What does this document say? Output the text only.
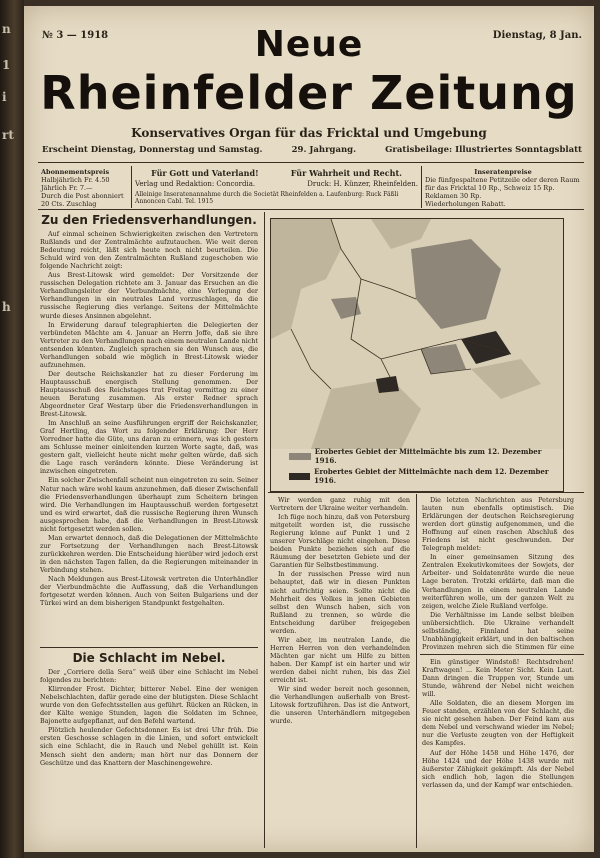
n
1
i
rt
h
№ 3 — 1918	Dienstag, 8 Jan.
Neue
Rheinfelder Zeitung
Konservatives Organ für das Fricktal und Umgebung
Erscheint Dienstag, Donnerstag und Samstag.	29. Jahrgang.	Gratisbeilage: Illustriertes Sonntagsblatt
Abonnementspreis
Halbjährlich Fr. 4.50
Jährlich Fr. 7.—
Durch die Post abonniert
20 Cts. Zuschlag
Für Gott und Vaterland!	Für Wahrheit und Recht.
Verlag und Redaktion: Concordia.	Druck: H. Künzer, Rheinfelden.
Alleinige Inseratenannahme durch die Societät Rheinfelden a. Laufenburg: Ruck Fäßli Annoncen Cabl. Tel. 1915
Inseratenpreise
Die fünfgespaltene Petitzeile oder deren Raum
für das Fricktal 10 Rp., Schweiz 15 Rp.
Reklamen 30 Rp.
Wiederholungen Rabatt.
Zu den Friedensverhandlungen.

Auf einmal scheinen Schwierigkeiten zwischen den Vertretern Rußlands und der Zentralmächte aufzutauchen. Wie weit deren Bedeutung reicht, läßt sich heute noch nicht beurteilen. Die Schuld wird von den Zentralmächten Rußland zugeschoben wie folgende Nachricht zeigt:

Aus Brest-Litowsk wird gemeldet: Der Vorsitzende der russischen Delegation richtete am 3. Januar das Ersuchen an die Verhandlungsleiter der Vierbundmächte, eine Verlegung der Verhandlungen in ein neutrales Land vorzuschlagen, da die russische Regierung dies verlange. Seitens der Mittelmächte wurde dieses Ansinnen abgelehnt.

In Erwiderung darauf telegraphierten die Delegierten der verbündeten Mächte am 4. Januar an Herrn Joffe, daß sie ihre Vertreter zu den Verhandlungen nach einem neutralen Lande nicht entsenden könnten. Zugleich sprachen sie den Wunsch aus, die Verhandlungen sobald wie möglich in Brest-Litowsk wieder aufzunehmen.

Der deutsche Reichskanzler hat zu dieser Forderung im Hauptausschuß energisch Stellung genommen. Der Hauptausschuß des Reichstages trat Freitag vormittag zu einer neuen Beratung zusammen. Als erster Redner sprach Abgeordneter Graf Westarp über die Friedensverhandlungen in Brest-Litowsk.

Im Anschluß an seine Ausführungen ergriff der Reichskanzler, Graf Hertling, das Wort zu folgender Erklärung: Der Herr Vorredner hatte die Güte, uns daran zu erinnern, was ich gestern am Schlusse meiner einleitenden kurzen Worte sagte, daß, was gestern galt, vielleicht heute nicht mehr gelten würde, daß sich die Lage rasch verändern könnte. Diese Veränderung ist inzwischen eingetreten.

Ein solcher Zwischenfall scheint nun eingetreten zu sein. Seiner Natur nach wäre wohl kaum anzunehmen, daß dieser Zwischenfall die Friedensverhandlungen überhaupt zum Scheitern bringen wird. Die Verhandlungen im Hauptausschuß werden fortgesetzt und es wird erwartet, daß die russische Regierung ihren Wunsch ausgesprochen habe, daß die Verhandlungen in Brest-Litowsk nicht fortgesetzt werden sollen.

Man erwartet dennoch, daß die Delegationen der Mittelmächte zur Fortsetzung der Verhandlungen nach Brest-Litowsk zurückkehren werden. Die Entscheidung hierüber wird jedoch erst in den nächsten Tagen fallen, da die Regierungen miteinander in Verbindung stehen.

Nach Meldungen aus Brest-Litowsk vertreten die Unterhändler der Vierbundmächte die Auffassung, daß die Verhandlungen fortgesetzt werden können. Auch von Seiten Bulgariens und der Türkei wird an dem bisherigen Standpunkt festgehalten.

Die Schlacht im Nebel.

Der „Corriere della Sera“ weiß über eine Schlacht im Nebel folgendes zu berichten:

Klirrender Frost. Dichter, bitterer Nebel. Eine der wenigen Nebelschlachten, dafür gerade eine der blutigsten. Diese Schlacht wurde von den Gefechtsstellen aus geführt. Rücken an Rücken, in der Kälte wenige Stunden, lagen die Soldaten im Schnee, Bajonette aufgepflanzt, auf den Befehl wartend.

Plötzlich heulender Gefechtsdonner. Es ist drei Uhr früh. Die ersten Geschosse schlagen in die Linien, und sofort entwickelt sich eine Schlacht, die in Rauch und Nebel gehüllt ist. Kein Mensch sieht den andern; man hört nur das Donnern der Geschütze und das Knattern der Maschinengewehre.

Erobertes Gebiet der Mittelmächte bis zum 12. Dezember 1916.
Erobertes Gebiet der Mittelmächte nach dem 12. Dezember 1916.

Wir werden ganz ruhig mit den Vertretern der Ukraine weiter verhandeln.

Ich füge noch hinzu, daß von Petersburg mitgeteilt worden ist, die russische Regierung könne auf Punkt 1 und 2 unserer Vorschläge nicht eingehen. Diese beiden Punkte beziehen sich auf die Räumung der besetzten Gebiete und der Garantien für Selbstbestimmung.

In der russischen Presse wird nun behauptet, daß wir in diesen Punkten nicht aufrichtig seien. Sollte nicht die Mehrheit des Volkes in jenen Gebieten selbst den Wunsch haben, sich von Rußland zu trennen, so würde die Entscheidung darüber freigegeben werden.

Wir aber, im neutralen Lande, die Herren Herren von den verhandelnden Mächten gar nicht um Hilfe zu bitten haben. Der Kampf ist ein harter und wir werden dabei nicht ruhen, bis das Ziel erreicht ist.

Wir sind weder bereit noch gesonnen, die Verhandlungen außerhalb von Brest-Litowsk fortzuführen. Das ist die Antwort, die unseren Unterhändlern mitgegeben wurde.

Die letzten Nachrichten aus Petersburg lauten nun ebenfalls optimistisch. Die Erklärungen der deutschen Reichsregierung werden dort günstig aufgenommen, und die Hoffnung auf einen raschen Abschluß des Friedens ist nicht geschwunden. Der Telegraph meldet:

In einer gemeinsamen Sitzung des Zentralen Exekutivkomitees der Sowjets, der Arbeiter- und Soldatenräte wurde die neue Lage beraten. Trotzki erklärte, daß man die Verhandlungen in einem neutralen Lande weiterführen wolle, um der ganzen Welt zu zeigen, welche Ziele Rußland verfolge.

Die Verhältnisse im Lande selbst bleiben unübersichtlich. Die Ukraine verhandelt selbständig, Finnland hat seine Unabhängigkeit erklärt, und in den baltischen Provinzen mehren sich die Stimmen für eine

Ein günstiger Windstoß! Rechtsdrehen! Kraftwagen! ... Kein Meter Sicht. Kein Laut. Dann dringen die Truppen vor, Stunde um Stunde, während der Nebel nicht weichen will.

Alle Soldaten, die an diesem Morgen im Feuer standen, erzählen von der Schlacht, die sie nicht gesehen haben. Der Feind kam aus dem Nebel und verschwand wieder im Nebel; nur die Verluste zeugten von der Heftigkeit des Kampfes.

Auf der Höhe 1458 und Höhe 1476, der Höhe 1424 und der Höhe 1438 wurde mit äußerster Zähigkeit gekämpft. Als der Nebel sich endlich hob, lagen die Stellungen verlassen da, und der Kampf war entschieden.
